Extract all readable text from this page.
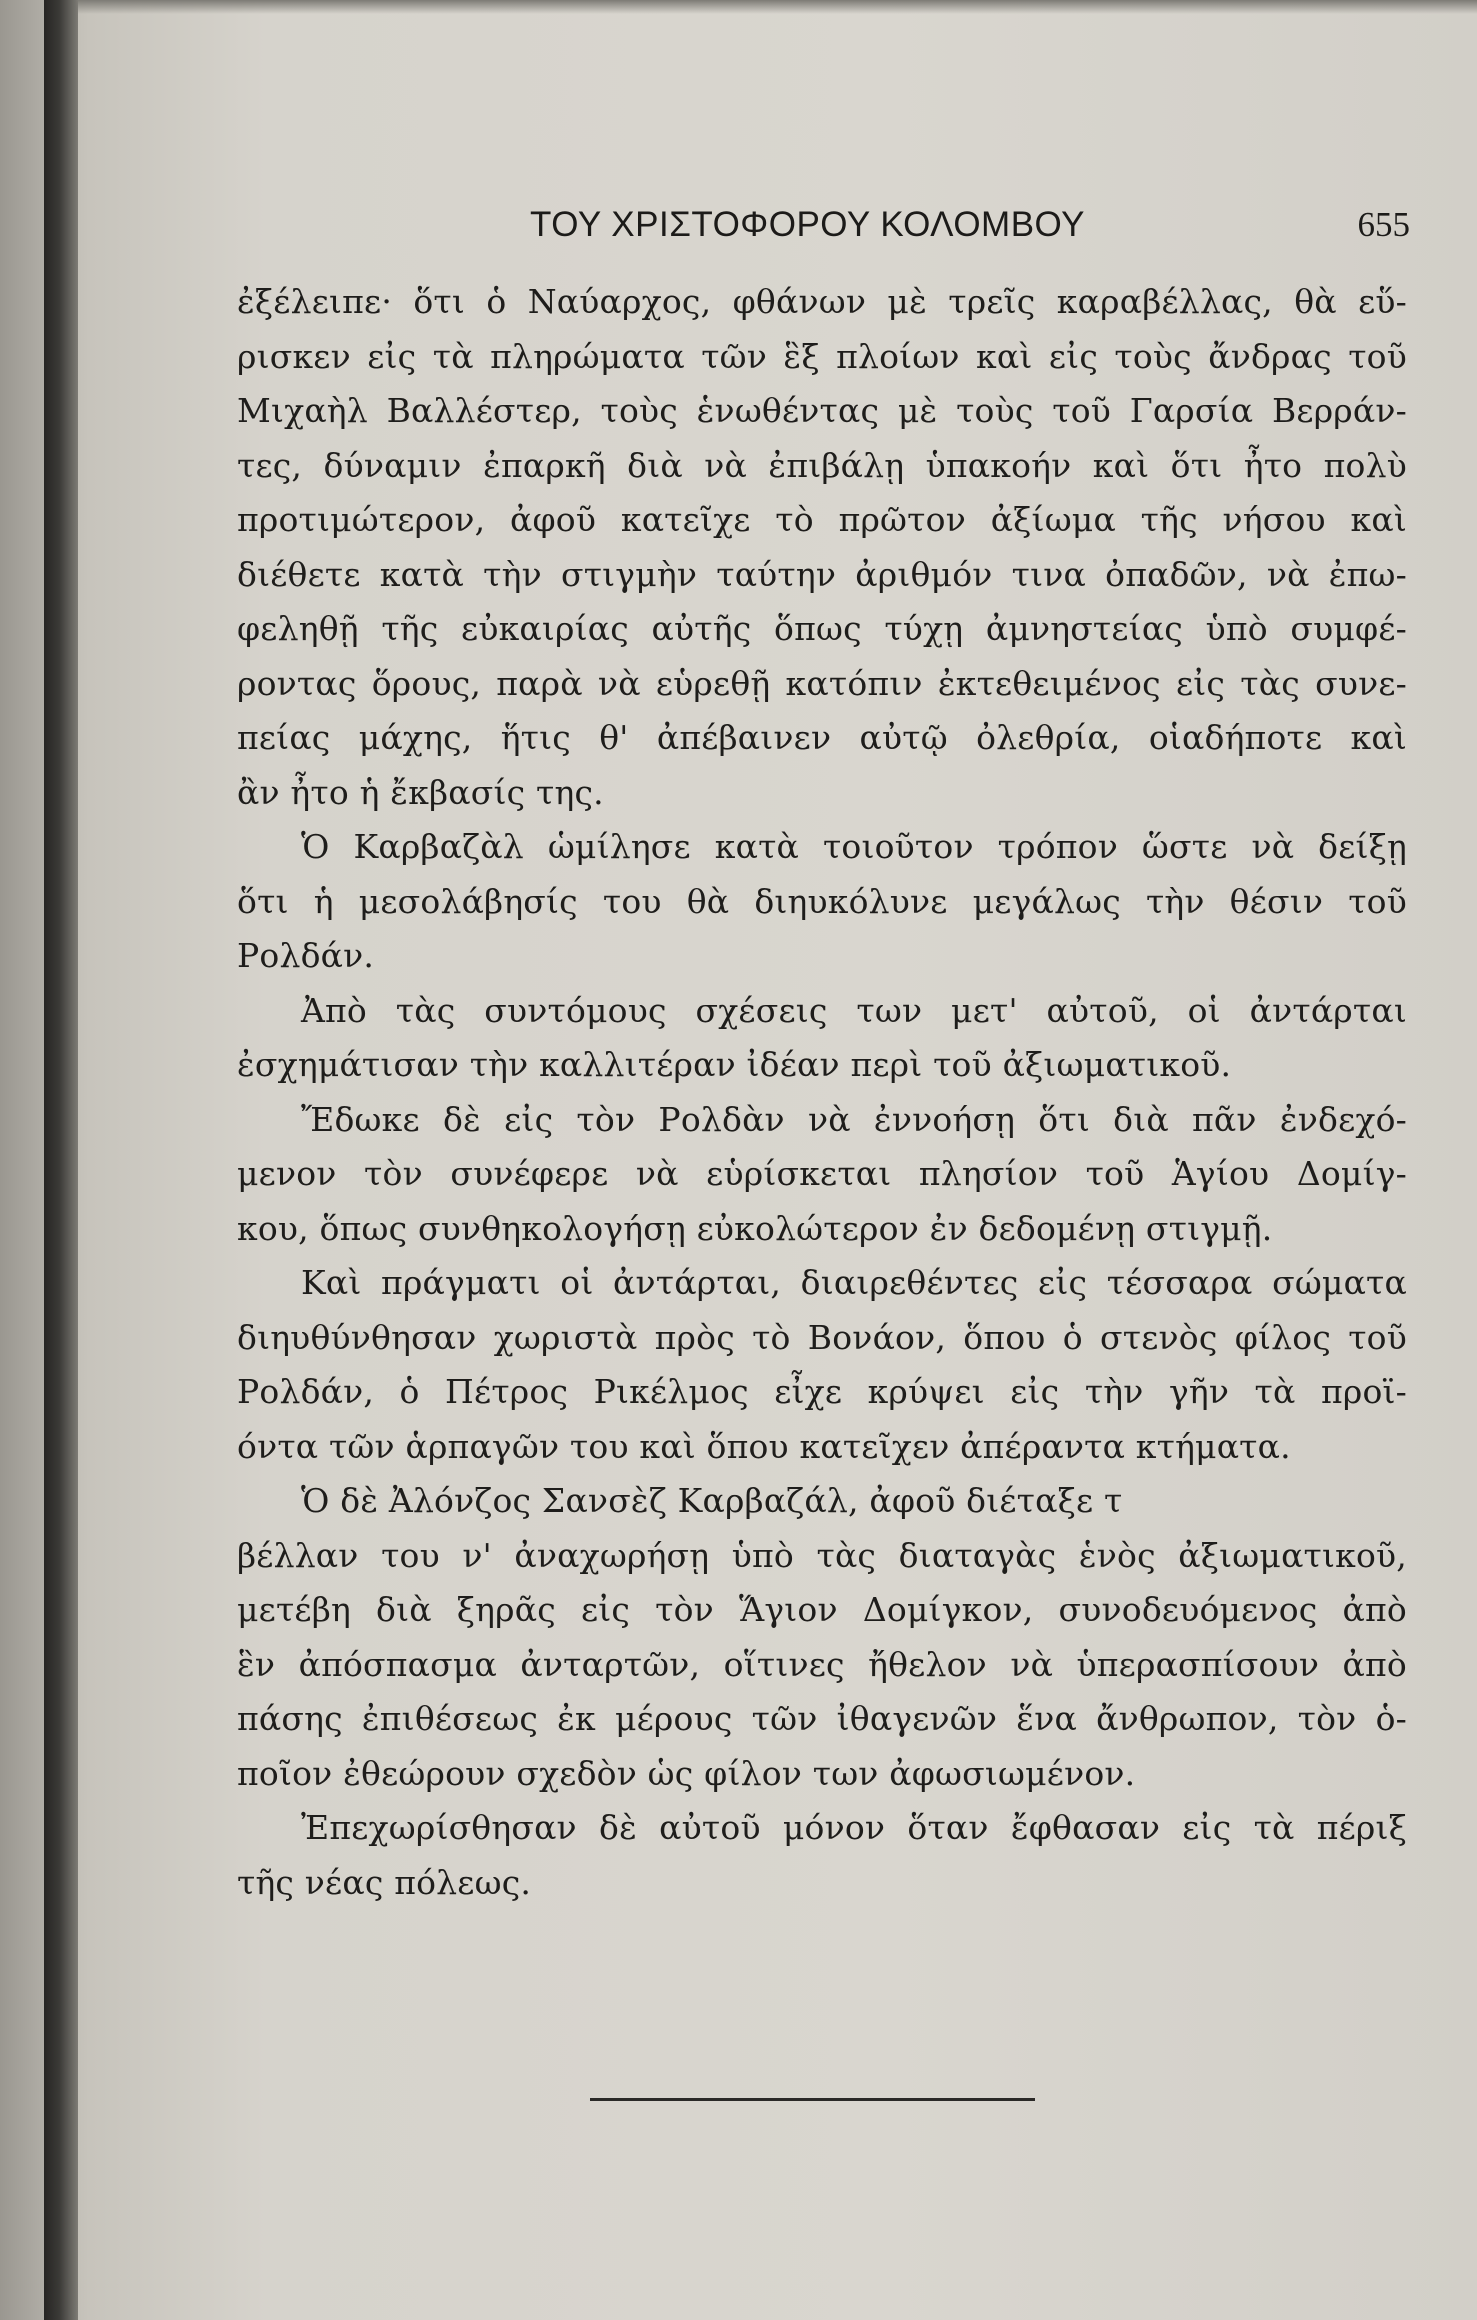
ΤΟΥ ΧΡΙΣΤΟΦΟΡΟΥ ΚΟΛΟΜΒΟΥ	655
ἐξέλειπε· ὅτι ὁ Ναύαρχος, φθάνων μὲ τρεῖς καραβέλλας, θὰ εὕ-
ρισκεν εἰς τὰ πληρώματα τῶν ἓξ πλοίων καὶ εἰς τοὺς ἄνδρας τοῦ
Μιχαὴλ Βαλλέστερ, τοὺς ἑνωθέντας μὲ τοὺς τοῦ Γαρσία Βερράν-
τες, δύναμιν ἐπαρκῆ διὰ νὰ ἐπιβάλῃ ὑπακοήν καὶ ὅτι ἦτο πολὺ
προτιμώτερον, ἀφοῦ κατεῖχε τὸ πρῶτον ἀξίωμα τῆς νήσου καὶ
διέθετε κατὰ τὴν στιγμὴν ταύτην ἀριθμόν τινα ὀπαδῶν, νὰ ἐπω-
φεληθῇ τῆς εὐκαιρίας αὐτῆς ὅπως τύχῃ ἀμνηστείας ὑπὸ συμφέ-
ροντας ὅρους, παρὰ νὰ εὑρεθῇ κατόπιν ἐκτεθειμένος εἰς τὰς συνε-
πείας μάχης, ἥτις θ' ἀπέβαινεν αὐτῷ ὀλεθρία, οἱαδήποτε καὶ
ἂν ἦτο ἡ ἔκβασίς της.
Ὁ Καρβαζὰλ ὡμίλησε κατὰ τοιοῦτον τρόπον ὥστε νὰ δείξῃ
ὅτι ἡ μεσολάβησίς του θὰ διηυκόλυνε μεγάλως τὴν θέσιν τοῦ
Ρολδάν.
Ἀπὸ τὰς συντόμους σχέσεις των μετ' αὐτοῦ, οἱ ἀντάρται
ἐσχημάτισαν τὴν καλλιτέραν ἰδέαν περὶ τοῦ ἀξιωματικοῦ.
Ἔδωκε δὲ εἰς τὸν Ρολδὰν νὰ ἐννοήσῃ ὅτι διὰ πᾶν ἐνδεχό-
μενον τὸν συνέφερε νὰ εὑρίσκεται πλησίον τοῦ Ἁγίου Δομίγ-
κου, ὅπως συνθηκολογήσῃ εὐκολώτερον ἐν δεδομένῃ στιγμῇ.
Καὶ πράγματι οἱ ἀντάρται, διαιρεθέντες εἰς τέσσαρα σώματα
διηυθύνθησαν χωριστὰ πρὸς τὸ Βονάον, ὅπου ὁ στενὸς φίλος τοῦ
Ρολδάν, ὁ Πέτρος Ρικέλμος εἶχε κρύψει εἰς τὴν γῆν τὰ προϊ-
όντα τῶν ἁρπαγῶν του καὶ ὅπου κατεῖχεν ἀπέραντα κτήματα.
Ὁ δὲ Ἀλόνζος Σανσὲζ Καρβαζάλ, ἀφοῦ διέταξε τ
βέλλαν του ν' ἀναχωρήσῃ ὑπὸ τὰς διαταγὰς ἑνὸς ἀξιωματικοῦ,
μετέβη διὰ ξηρᾶς εἰς τὸν Ἅγιον Δομίγκον, συνοδευόμενος ἀπὸ
ἓν ἀπόσπασμα ἀνταρτῶν, οἵτινες ἤθελον νὰ ὑπερασπίσουν ἀπὸ
πάσης ἐπιθέσεως ἐκ μέρους τῶν ἰθαγενῶν ἕνα ἄνθρωπον, τὸν ὁ-
ποῖον ἐθεώρουν σχεδὸν ὡς φίλον των ἀφωσιωμένον.
Ἐπεχωρίσθησαν δὲ αὐτοῦ μόνον ὅταν ἔφθασαν εἰς τὰ πέριξ
τῆς νέας πόλεως.
